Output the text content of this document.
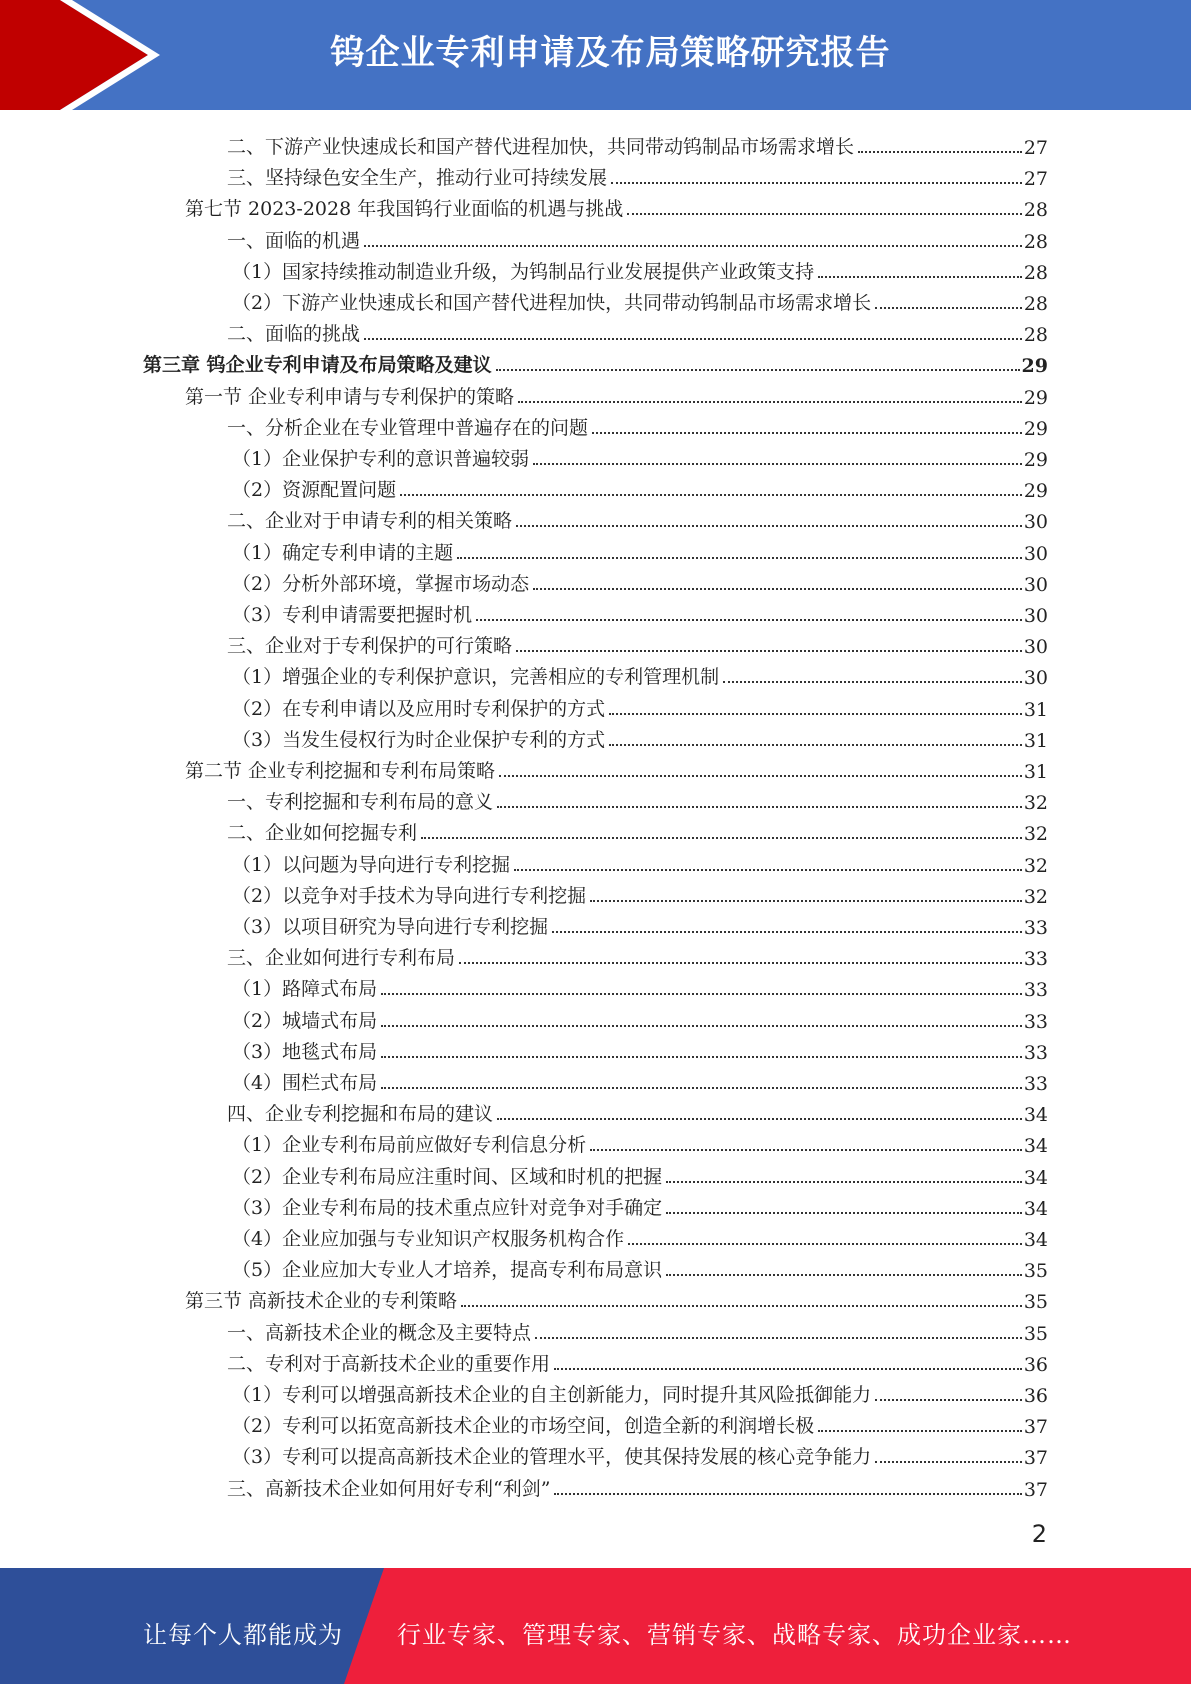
钨企业专利申请及布局策略研究报告
二、下游产业快速成长和国产替代进程加快，共同带动钨制品市场需求增长	27
三、坚持绿色安全生产，推动行业可持续发展	27
第七节 2023-2028 年我国钨行业面临的机遇与挑战	28
一、面临的机遇	28
（1）国家持续推动制造业升级，为钨制品行业发展提供产业政策支持	28
（2）下游产业快速成长和国产替代进程加快，共同带动钨制品市场需求增长	28
二、面临的挑战	28
第三章 钨企业专利申请及布局策略及建议	29
第一节 企业专利申请与专利保护的策略	29
一、分析企业在专业管理中普遍存在的问题	29
（1）企业保护专利的意识普遍较弱	29
（2）资源配置问题	29
二、企业对于申请专利的相关策略	30
（1）确定专利申请的主题	30
（2）分析外部环境，掌握市场动态	30
（3）专利申请需要把握时机	30
三、企业对于专利保护的可行策略	30
（1）增强企业的专利保护意识，完善相应的专利管理机制	30
（2）在专利申请以及应用时专利保护的方式	31
（3）当发生侵权行为时企业保护专利的方式	31
第二节 企业专利挖掘和专利布局策略	31
一、专利挖掘和专利布局的意义	32
二、企业如何挖掘专利	32
（1）以问题为导向进行专利挖掘	32
（2）以竞争对手技术为导向进行专利挖掘	32
（3）以项目研究为导向进行专利挖掘	33
三、企业如何进行专利布局	33
（1）路障式布局	33
（2）城墙式布局	33
（3）地毯式布局	33
（4）围栏式布局	33
四、企业专利挖掘和布局的建议	34
（1）企业专利布局前应做好专利信息分析	34
（2）企业专利布局应注重时间、区域和时机的把握	34
（3）企业专利布局的技术重点应针对竞争对手确定	34
（4）企业应加强与专业知识产权服务机构合作	34
（5）企业应加大专业人才培养，提高专利布局意识	35
第三节 高新技术企业的专利策略	35
一、高新技术企业的概念及主要特点	35
二、专利对于高新技术企业的重要作用	36
（1）专利可以增强高新技术企业的自主创新能力，同时提升其风险抵御能力	36
（2）专利可以拓宽高新技术企业的市场空间，创造全新的利润增长极	37
（3）专利可以提高高新技术企业的管理水平，使其保持发展的核心竞争能力	37
三、高新技术企业如何用好专利“利剑”	37
2
让每个人都能成为 行业专家、管理专家、营销专家、战略专家、成功企业家……
